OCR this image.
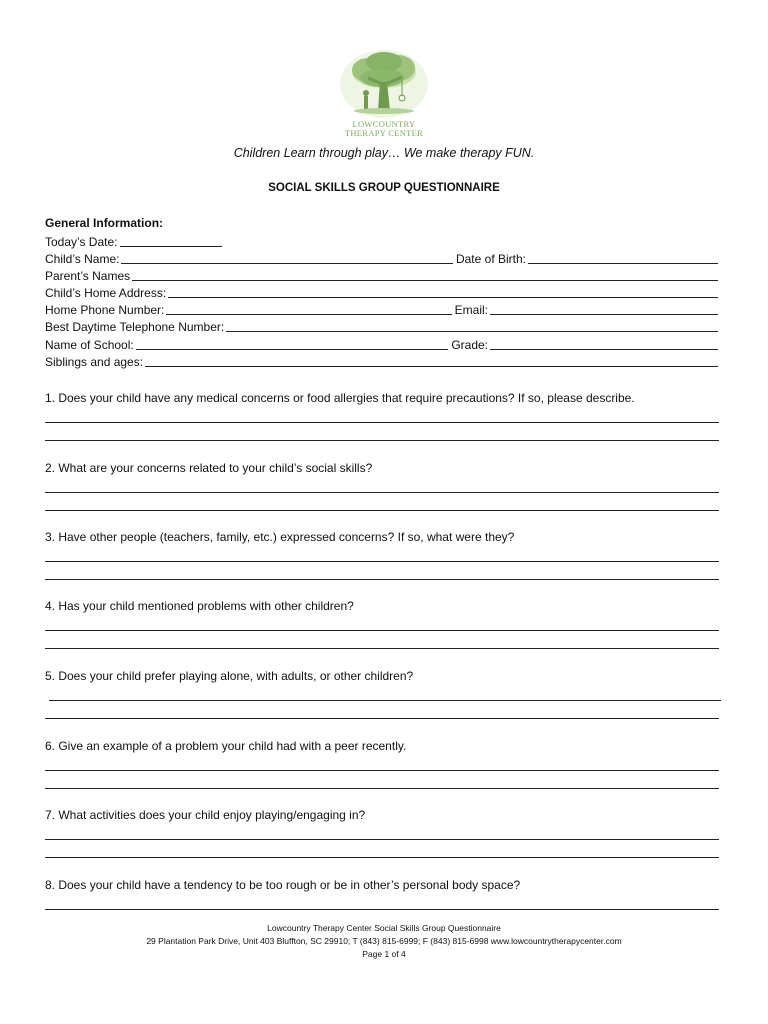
LOWCOUNTRY
THERAPY CENTER
Children Learn through play… We make therapy FUN.
SOCIAL SKILLS GROUP QUESTIONNAIRE
General Information:
Today’s Date:
Child’s Name:	Date of Birth:
Parent’s Names
Child’s Home Address:
Home Phone Number:	Email:
Best Daytime Telephone Number:
Name of School:	Grade:
Siblings and ages:
1. Does your child have any medical concerns or food allergies that require precautions? If so, please describe.
2. What are your concerns related to your child’s social skills?
3. Have other people (teachers, family, etc.) expressed concerns? If so, what were they?
4. Has your child mentioned problems with other children?
5. Does your child prefer playing alone, with adults, or other children?
6. Give an example of a problem your child had with a peer recently.
7. What activities does your child enjoy playing/engaging in?
8. Does your child have a tendency to be too rough or be in other’s personal body space?
Lowcountry Therapy Center Social Skills Group Questionnaire
29 Plantation Park Drive, Unit 403 Bluffton, SC 29910; T (843) 815-6999; F (843) 815-6998 www.lowcountrytherapycenter.com
Page 1 of 4
